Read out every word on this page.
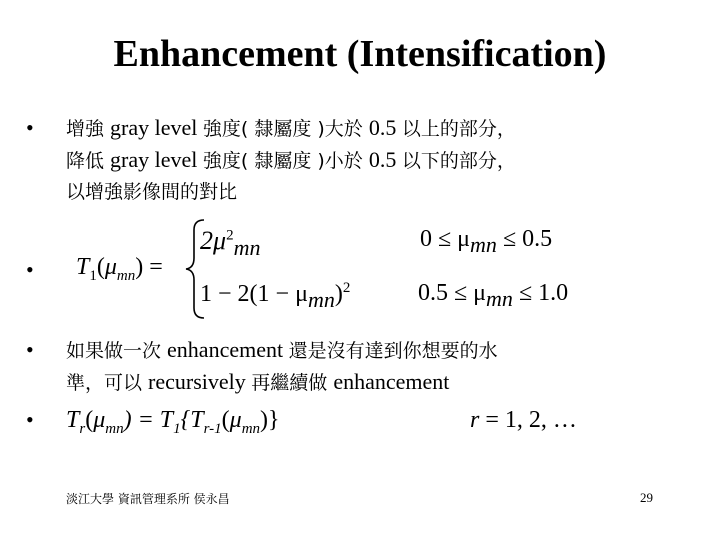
Enhancement (Intensification)
• 增強 gray level 強度( 隸屬度 )大於 0.5 以上的部分，
降低 gray level 強度( 隸屬度 )小於 0.5 以下的部分，
以增強影像間的對比
• $T_1(\mu_{mn})$ =
$2\mu^2_{mn}$	$0 \le \mu_{mn} \le 0.5$
$1 - 2(1 - \mu_{mn})^2$	$0.5 \le \mu_{mn} \le 1.0$
• 如果做一次 enhancement 還是沒有達到你想要的水
準，可以 recursively 再繼續做 enhancement
• $T_r(\mu_{mn}) = T_1\{T_{r-1}(\mu_{mn})\}$	r = 1, 2, …
淡江大學 資訊管理系所 侯永昌	29
